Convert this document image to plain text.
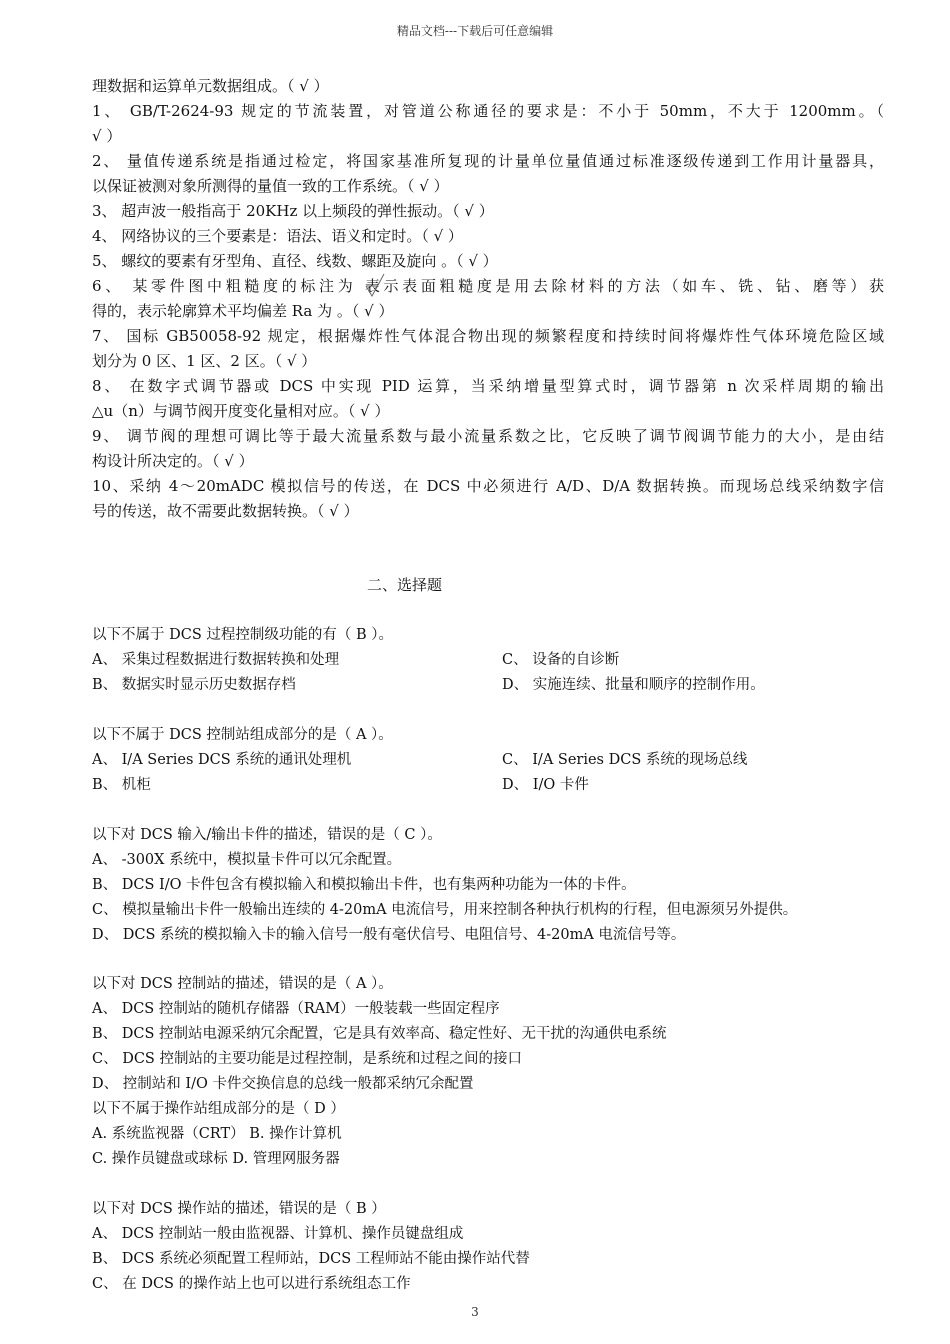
精品文档---下载后可任意编辑
理数据和运算单元数据组成。（ √ ）
1、 GB/T-2624-93 规定的节流装置，对管道公称通径的要求是：不小于 50mm，不大于 1200mm。（
√ ）
2、 量值传递系统是指通过检定，将国家基准所复现的计量单位量值通过标准逐级传递到工作用计量器具，
以保证被测对象所测得的量值一致的工作系统。（ √ ）
3、 超声波一般指高于 20KHz 以上频段的弹性振动。（ √ ）
4、 网络协议的三个要素是：语法、语义和定时。（ √ ）
5、 螺纹的要素有牙型角、直径、线数、螺距及旋向 。（ √ ）
6、 某零件图中粗糙度的标注为 表示表面粗糙度是用去除材料的方法（如车、铣、钻、磨等）获
得的，表示轮廓算术平均偏差 Ra 为 。（ √ ）
7、 国标 GB50058-92 规定，根据爆炸性气体混合物出现的频繁程度和持续时间将爆炸性气体环境危险区域
划分为 0 区、1 区、2 区。（ √ ）
8、 在数字式调节器或 DCS 中实现 PID 运算，当采纳增量型算式时，调节器第 n 次采样周期的输出
△u（n）与调节阀开度变化量相对应。（ √ ）
9、 调节阀的理想可调比等于最大流量系数与最小流量系数之比，它反映了调节阀调节能力的大小，是由结
构设计所决定的。（ √ ）
10、采纳 4～20mADC 模拟信号的传送，在 DCS 中必须进行 A/D、D/A 数据转换。而现场总线采纳数字信
号的传送，故不需要此数据转换。（ √ ）
二、选择题
以下不属于 DCS 过程控制级功能的有（ B ）。
A、 采集过程数据进行数据转换和处理	C、 设备的自诊断
B、 数据实时显示历史数据存档	D、 实施连续、批量和顺序的控制作用。
以下不属于 DCS 控制站组成部分的是（ A ）。
A、 I/A Series DCS 系统的通讯处理机	C、 I/A Series DCS 系统的现场总线
B、 机柜	D、 I/O 卡件
以下对 DCS 输入/输出卡件的描述，错误的是（ C ）。
A、 -300X 系统中，模拟量卡件可以冗余配置。
B、 DCS I/O 卡件包含有模拟输入和模拟输出卡件，也有集两种功能为一体的卡件。
C、 模拟量输出卡件一般输出连续的 4-20mA 电流信号，用来控制各种执行机构的行程，但电源须另外提供。
D、 DCS 系统的模拟输入卡的输入信号一般有毫伏信号、电阻信号、4-20mA 电流信号等。
以下对 DCS 控制站的描述，错误的是（ A ）。
A、 DCS 控制站的随机存储器（RAM）一般装载一些固定程序
B、 DCS 控制站电源采纳冗余配置，它是具有效率高、稳定性好、无干扰的沟通供电系统
C、 DCS 控制站的主要功能是过程控制，是系统和过程之间的接口
D、 控制站和 I/O 卡件交换信息的总线一般都采纳冗余配置
以下不属于操作站组成部分的是（ D ）
A. 系统监视器（CRT） B. 操作计算机
C. 操作员键盘或球标 D. 管理网服务器
以下对 DCS 操作站的描述，错误的是（ B ）
A、 DCS 控制站一般由监视器、计算机、操作员键盘组成
B、 DCS 系统必须配置工程师站，DCS 工程师站不能由操作站代替
C、 在 DCS 的操作站上也可以进行系统组态工作
3
